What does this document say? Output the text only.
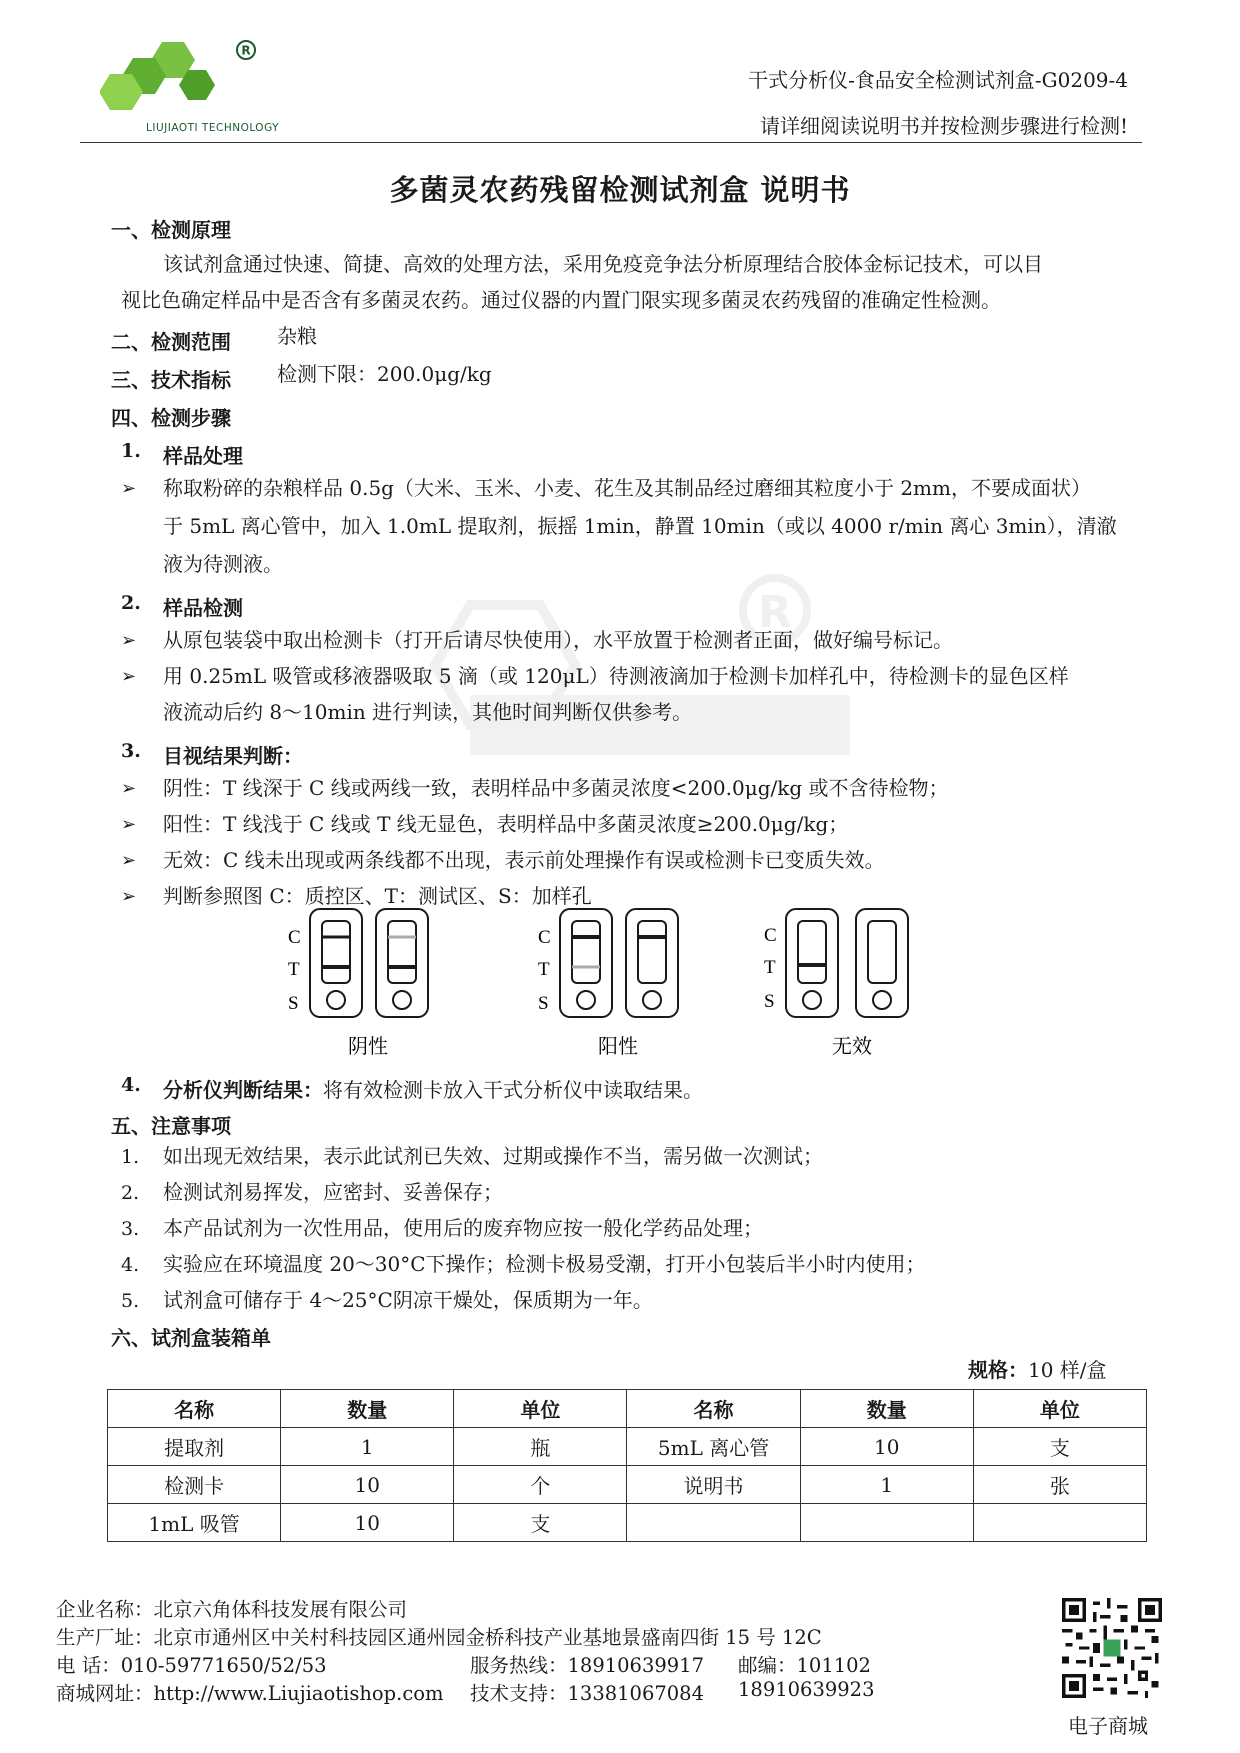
R
LIUJIAOTI TECHNOLOGY
干式分析仪-食品安全检测试剂盒-G0209-4
请详细阅读说明书并按检测步骤进行检测!
多菌灵农药残留检测试剂盒 说明书
R
一、检测原理
该试剂盒通过快速、简捷、高效的处理方法，采用免疫竞争法分析原理结合胶体金标记技术，可以目
视比色确定样品中是否含有多菌灵农药。通过仪器的内置门限实现多菌灵农药残留的准确定性检测。
二、检测范围 杂粮
三、技术指标 检测下限：200.0μg/kg
四、检测步骤
1. 样品处理
➢ 称取粉碎的杂粮样品 0.5g（大米、玉米、小麦、花生及其制品经过磨细其粒度小于 2mm，不要成面状）
于 5mL 离心管中，加入 1.0mL 提取剂，振摇 1min，静置 10min（或以 4000 r/min 离心 3min），清澈
液为待测液。
2. 样品检测
➢ 从原包装袋中取出检测卡（打开后请尽快使用），水平放置于检测者正面，做好编号标记。
➢ 用 0.25mL 吸管或移液器吸取 5 滴（或 120μL）待测液滴加于检测卡加样孔中，待检测卡的显色区样
液流动后约 8～10min 进行判读，其他时间判断仅供参考。
3. 目视结果判断：
➢ 阴性：T 线深于 C 线或两线一致，表明样品中多菌灵浓度<200.0μg/kg 或不含待检物；
➢ 阳性：T 线浅于 C 线或 T 线无显色，表明样品中多菌灵浓度≥200.0μg/kg；
➢ 无效：C 线未出现或两条线都不出现，表示前处理操作有误或检测卡已变质失效。
➢ 判断参照图 C：质控区、T：测试区、S：加样孔
C
T
S
阴性
C
T
S
阳性
C
T
S
无效
4. 分析仪判断结果：将有效检测卡放入干式分析仪中读取结果。
五、注意事项
1. 如出现无效结果，表示此试剂已失效、过期或操作不当，需另做一次测试；
2. 检测试剂易挥发，应密封、妥善保存；
3. 本产品试剂为一次性用品，使用后的废弃物应按一般化学药品处理；
4. 实验应在环境温度 20～30°C下操作；检测卡极易受潮，打开小包装后半小时内使用；
5. 试剂盒可储存于 4～25°C阴凉干燥处，保质期为一年。
六、试剂盒装箱单
规格：10 样/盒
名称	数量	单位	名称	数量	单位
提取剂	1	瓶	5mL 离心管	10	支
检测卡	10	个	说明书	1	张
1mL 吸管	10	支			
企业名称：北京六角体科技发展有限公司
生产厂址：北京市通州区中关村科技园区通州园金桥科技产业基地景盛南四街 15 号 12C
电 话：010-59771650/52/53	服务热线：18910639917 邮编：101102
商城网址：http://www.Liujiaotishop.com 技术支持：13381067084 18910639923
电子商城
